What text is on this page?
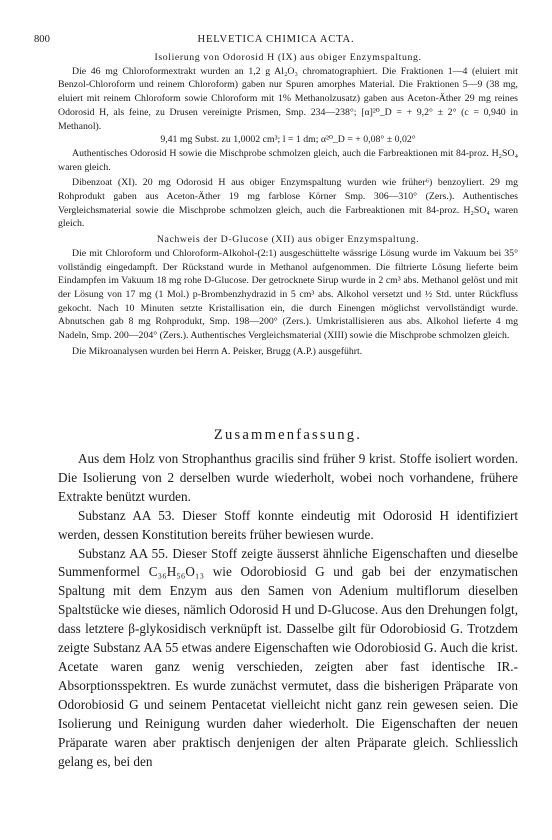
800	HELVETICA CHIMICA ACTA.

Isolierung von Odorosid H (IX) aus obiger Enzymspaltung.

Die 46 mg Chloroformextrakt wurden an 1,2 g Al₂O₃ chromatographiert. Die Fraktionen 1—4 (eluiert mit Benzol-Chloroform und reinem Chloroform) gaben nur Spuren amorphes Material. Die Fraktionen 5—9 (38 mg, eluiert mit reinem Chloroform sowie Chloroform mit 1% Methanolzusatz) gaben aus Aceton-Äther 29 mg reines Odorosid H, als feine, zu Drusen vereinigte Prismen, Smp. 234—238°; [α]²⁰_D = + 9,2° ± 2° (c = 0,940 in Methanol).

9,41 mg Subst. zu 1,0002 cm³; l = 1 dm; α²⁰_D = + 0,08° ± 0,02°

Authentisches Odorosid H sowie die Mischprobe schmolzen gleich, auch die Farbreaktionen mit 84-proz. H₂SO₄ waren gleich.

Dibenzoat (XI). 20 mg Odorosid H aus obiger Enzymspaltung wurden wie früher⁶) benzoyliert. 29 mg Rohprodukt gaben aus Aceton-Äther 19 mg farblose Körner Smp. 306—310° (Zers.). Authentisches Vergleichsmaterial sowie die Mischprobe schmolzen gleich, auch die Farbreaktionen mit 84-proz. H₂SO₄ waren gleich.

Nachweis der D-Glucose (XII) aus obiger Enzymspaltung.

Die mit Chloroform und Chloroform-Alkohol-(2:1) ausgeschüttelte wässrige Lösung wurde im Vakuum bei 35° vollständig eingedampft. Der Rückstand wurde in Methanol aufgenommen. Die filtrierte Lösung lieferte beim Eindampfen im Vakuum 18 mg rohe D-Glucose. Der getrocknete Sirup wurde in 2 cm³ abs. Methanol gelöst und mit der Lösung von 17 mg (1 Mol.) p-Brombenzhydrazid in 5 cm³ abs. Alkohol versetzt und ½ Std. unter Rückfluss gekocht. Nach 10 Minuten setzte Kristallisation ein, die durch Einengen möglichst vervollständigt wurde. Abnutschen gab 8 mg Rohprodukt, Smp. 198—200° (Zers.). Umkristallisieren aus abs. Alkohol lieferte 4 mg Nadeln, Smp. 200—204° (Zers.). Authentisches Vergleichsmaterial (XIII) sowie die Mischprobe schmolzen gleich.

Die Mikroanalysen wurden bei Herrn A. Peisker, Brugg (A.P.) ausgeführt.

Zusammenfassung.

Aus dem Holz von Strophanthus gracilis sind früher 9 krist. Stoffe isoliert worden. Die Isolierung von 2 derselben wurde wiederholt, wobei noch vorhandene, frühere Extrakte benützt wurden.

Substanz AA 53. Dieser Stoff konnte eindeutig mit Odorosid H identifiziert werden, dessen Konstitution bereits früher bewiesen wurde.

Substanz AA 55. Dieser Stoff zeigte äusserst ähnliche Eigenschaften und dieselbe Summenformel C₃₆H₅₆O₁₃ wie Odorobiosid G und gab bei der enzymatischen Spaltung mit dem Enzym aus den Samen von Adenium multiflorum dieselben Spaltstücke wie dieses, nämlich Odorosid H und D-Glucose. Aus den Drehungen folgt, dass letztere β-glykosidisch verknüpft ist. Dasselbe gilt für Odorobiosid G. Trotzdem zeigte Substanz AA 55 etwas andere Eigenschaften wie Odorobiosid G. Auch die krist. Acetate waren ganz wenig verschieden, zeigten aber fast identische IR.-Absorptionsspektren. Es wurde zunächst vermutet, dass die bisherigen Präparate von Odorobiosid G und seinem Pentacetat vielleicht nicht ganz rein gewesen seien. Die Isolierung und Reinigung wurden daher wiederholt. Die Eigenschaften der neuen Präparate waren aber praktisch denjenigen der alten Präparate gleich. Schliesslich gelang es, bei den
